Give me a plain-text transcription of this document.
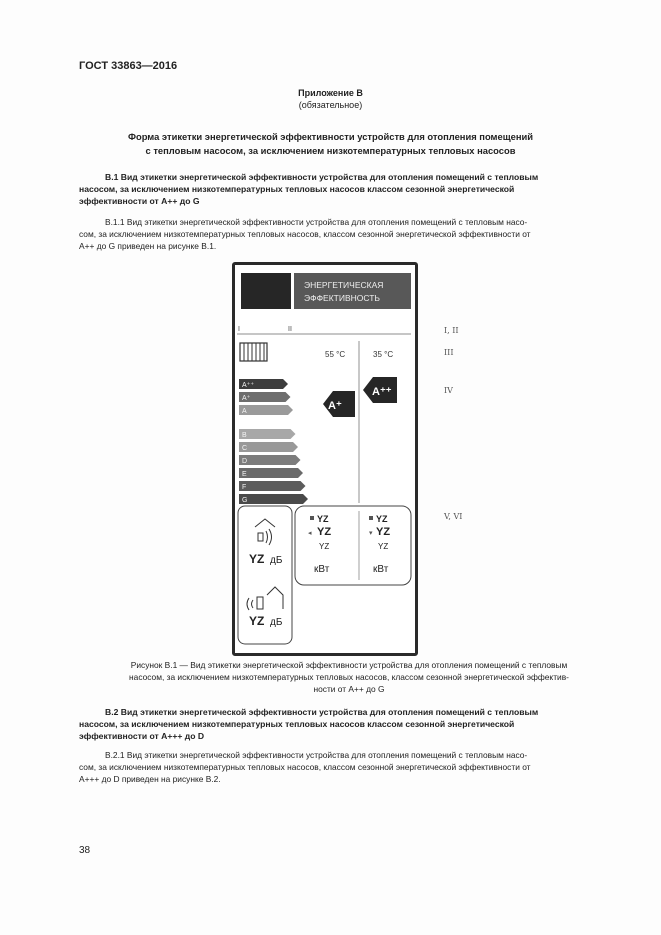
ГОСТ 33863—2016
Приложение В
(обязательное)
Форма этикетки энергетической эффективности устройств для отопления помещений
с тепловым насосом, за исключением низкотемпературных тепловых насосов
В.1 Вид этикетки энергетической эффективности устройства для отопления помещений с тепловым
насосом, за исключением низкотемпературных тепловых насосов классом сезонной энергетической
эффективности от А++ до G
В.1.1 Вид этикетки энергетической эффективности устройства для отопления помещений с тепловым насо-
сом, за исключением низкотемпературных тепловых насосов, классом сезонной энергетической эффективности от
А++ до G приведен на рисунке В.1.
ЭНЕРГЕТИЧЕСКАЯ
ЭФФЕКТИВНОСТЬ
I	II
55 °C	35 °C
A⁺⁺
A⁺
A
B
C
D
E
F
G
A⁺
A⁺⁺
YZ дБ
YZ дБ
YZ
◂ YZ
YZ
кВт
YZ
▾ YZ
YZ
кВт
I, II
III
IV
V, VI
Рисунок В.1 — Вид этикетки энергетической эффективности устройства для отопления помещений с тепловым
насосом, за исключением низкотемпературных тепловых насосов, классом сезонной энергетической эффектив-
ности от А++ до G
В.2 Вид этикетки энергетической эффективности устройства для отопления помещений с тепловым
насосом, за исключением низкотемпературных тепловых насосов классом сезонной энергетической
эффективности от А+++ до D
В.2.1 Вид этикетки энергетической эффективности устройства для отопления помещений с тепловым насо-
сом, за исключением низкотемпературных тепловых насосов, классом сезонной энергетической эффективности от
А+++ до D приведен на рисунке В.2.
38
